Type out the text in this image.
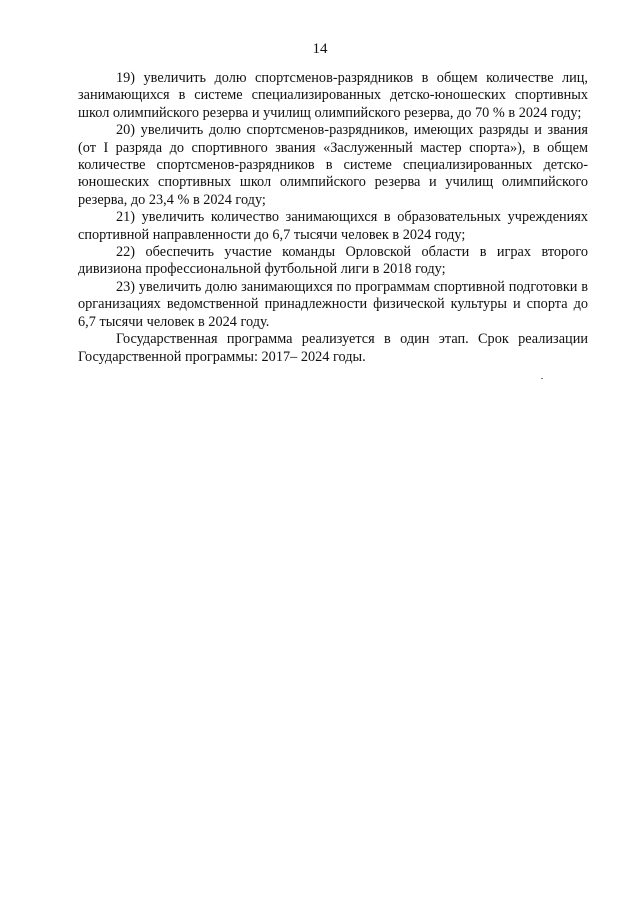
14

19) увеличить долю спортсменов-разрядников в общем количестве лиц, занимающихся в системе специализированных детско-юношеских спортивных школ олимпийского резерва и училищ олимпийского резерва, до 70 % в 2024 году;

20) увеличить долю спортсменов-разрядников, имеющих разряды и звания (от I разряда до спортивного звания «Заслуженный мастер спорта»), в общем количестве спортсменов-разрядников в системе специализированных детско-юношеских спортивных школ олимпийского резерва и училищ олимпийского резерва, до 23,4 % в 2024 году;

21) увеличить количество занимающихся в образовательных учреждениях спортивной направленности до 6,7 тысячи человек в 2024 году;

22) обеспечить участие команды Орловской области в играх второго дивизиона профессиональной футбольной лиги в 2018 году;

23) увеличить долю занимающихся по программам спортивной подготовки в организациях ведомственной принадлежности физической культуры и спорта до 6,7 тысячи человек в 2024 году.

Государственная программа реализуется в один этап. Срок реализации Государственной программы: 2017– 2024 годы.
